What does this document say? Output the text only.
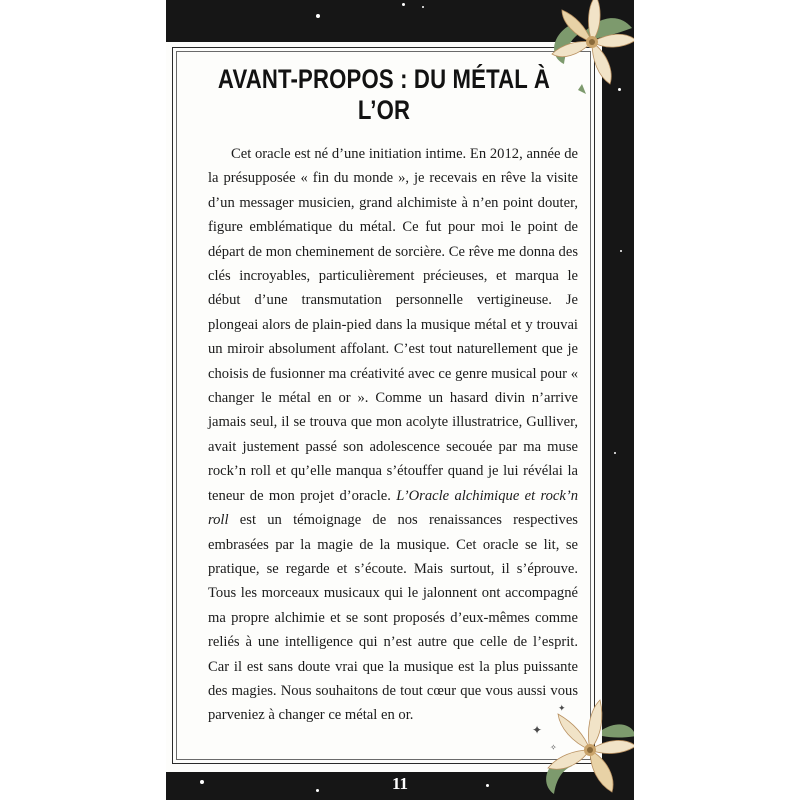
AVANT-PROPOS : DU MÉTAL À L’OR

Cet oracle est né d’une initiation intime. En 2012, année de la présupposée « fin du monde », je recevais en rêve la visite d’un messager musicien, grand alchimiste à n’en point douter, figure emblématique du métal. Ce fut pour moi le point de départ de mon cheminement de sorcière. Ce rêve me donna des clés incroyables, particulièrement précieuses, et marqua le début d’une transmutation personnelle vertigineuse. Je plongeai alors de plain-pied dans la musique métal et y trouvai un miroir absolument affolant. C’est tout naturellement que je choisis de fusionner ma créativité avec ce genre musical pour « changer le métal en or ». Comme un hasard divin n’arrive jamais seul, il se trouva que mon acolyte illustratrice, Gulliver, avait justement passé son adolescence secouée par ma muse rock’n roll et qu’elle manqua s’étouffer quand je lui révélai la teneur de mon projet d’oracle. L’Oracle alchimique et rock’n roll est un témoignage de nos renaissances respectives embrasées par la magie de la musique. Cet oracle se lit, se pratique, se regarde et s’écoute. Mais surtout, il s’éprouve. Tous les morceaux musicaux qui le jalonnent ont accompagné ma propre alchimie et se sont proposés d’eux-mêmes comme reliés à une intelligence qui n’est autre que celle de l’esprit. Car il est sans doute vrai que la musique est la plus puissante des magies. Nous souhaitons de tout cœur que vous aussi vous parveniez à changer ce métal en or.

✦
✦
✧
11
